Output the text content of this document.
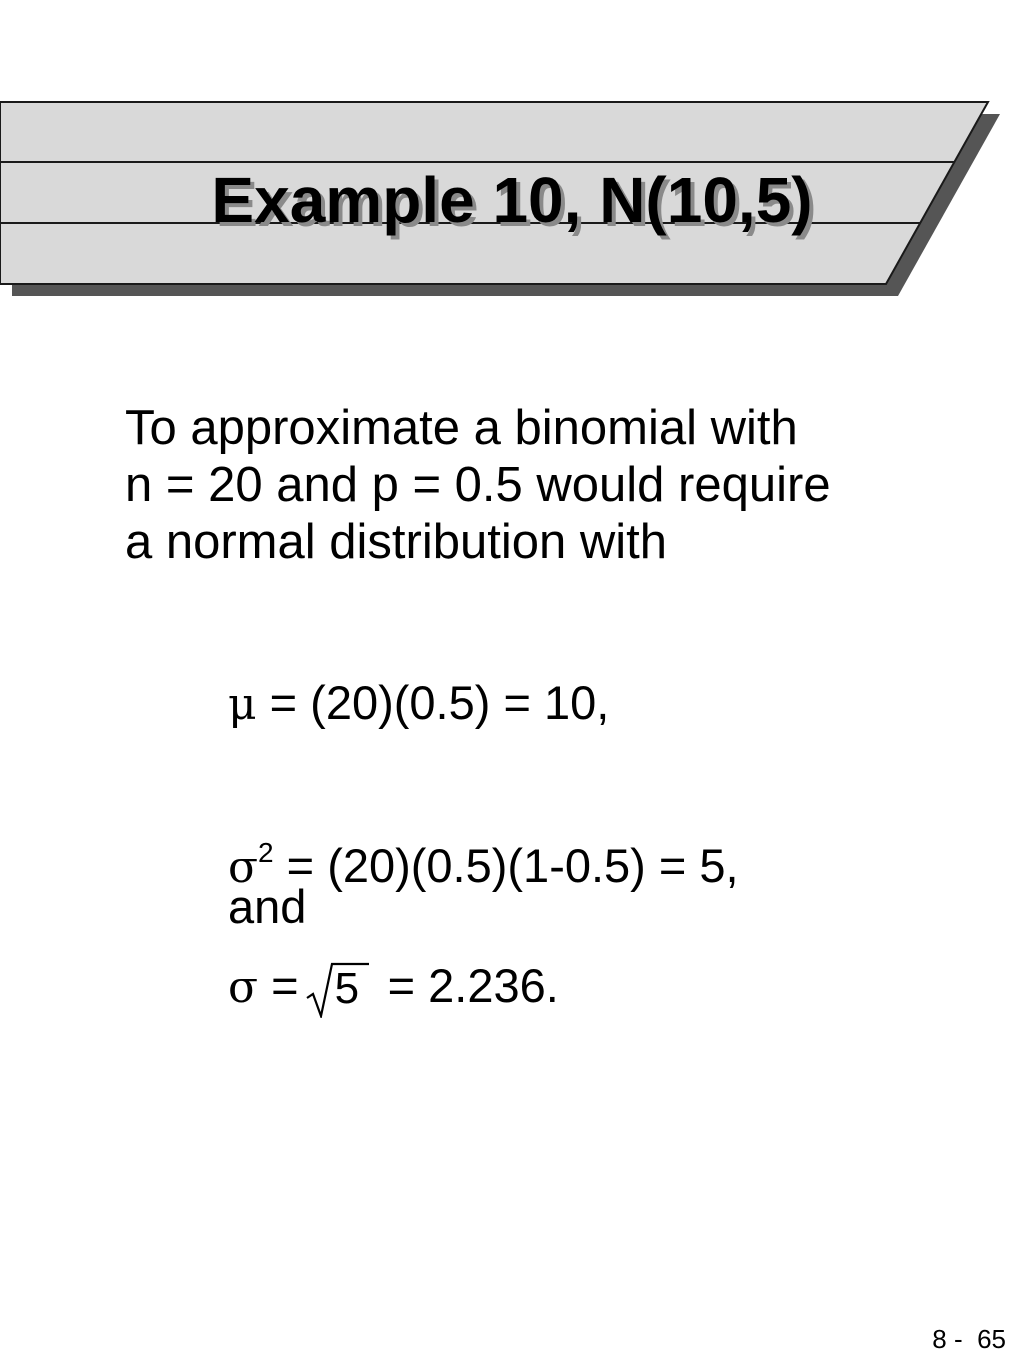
Example 10, N(10,5)

To approximate a binomial with
n = 20 and p = 0.5 would require
a normal distribution with

μ = (20)(0.5) = 10,
$\sigma^2 = (20)(0.5)(1-0.5) = 5$,
and
σ = 5 = 2.236.
8 -  65
